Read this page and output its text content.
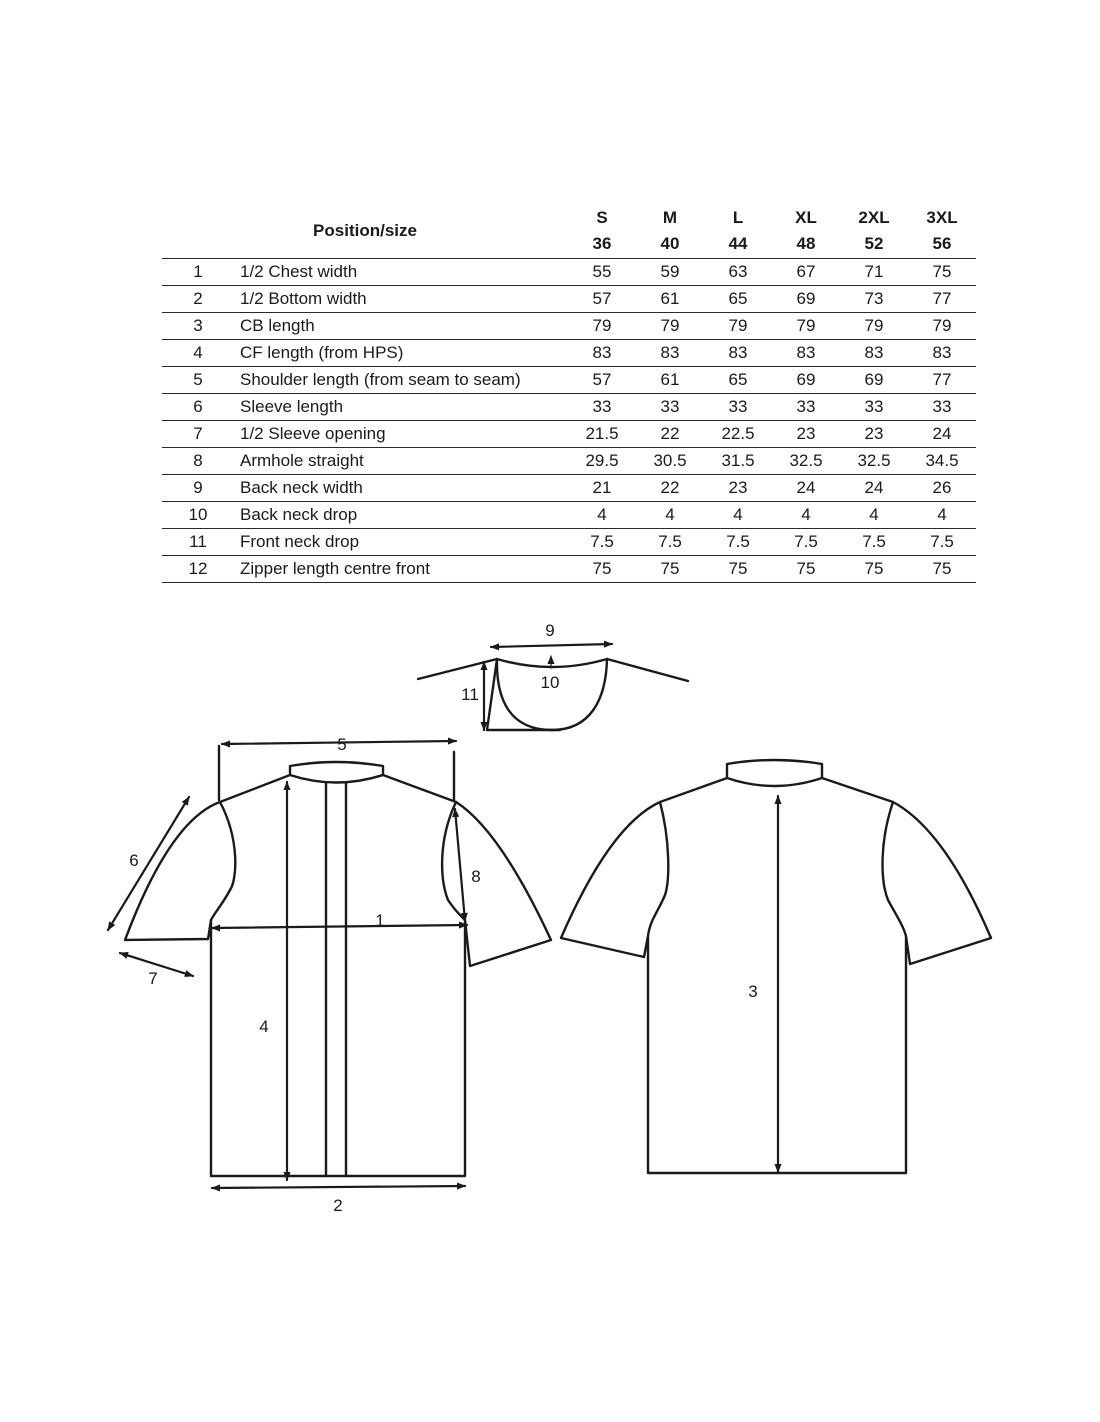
Position/size		S	M	L	XL	2XL	3XL
		36	40	44	48	52	56
1	1/2 Chest width	55	59	63	67	71	75
2	1/2 Bottom width	57	61	65	69	73	77
3	CB length	79	79	79	79	79	79
4	CF length (from HPS)	83	83	83	83	83	83
5	Shoulder length (from seam to seam)	57	61	65	69	69	77
6	Sleeve length	33	33	33	33	33	33
7	1/2 Sleeve opening	21.5	22	22.5	23	23	24
8	Armhole straight	29.5	30.5	31.5	32.5	32.5	34.5
9	Back neck width	21	22	23	24	24	26
10	Back neck drop	4	4	4	4	4	4
11	Front neck drop	7.5	7.5	7.5	7.5	7.5	7.5
12	Zipper length centre front	75	75	75	75	75	75
1
2
3
4
5
6
7
8
9
10
11
